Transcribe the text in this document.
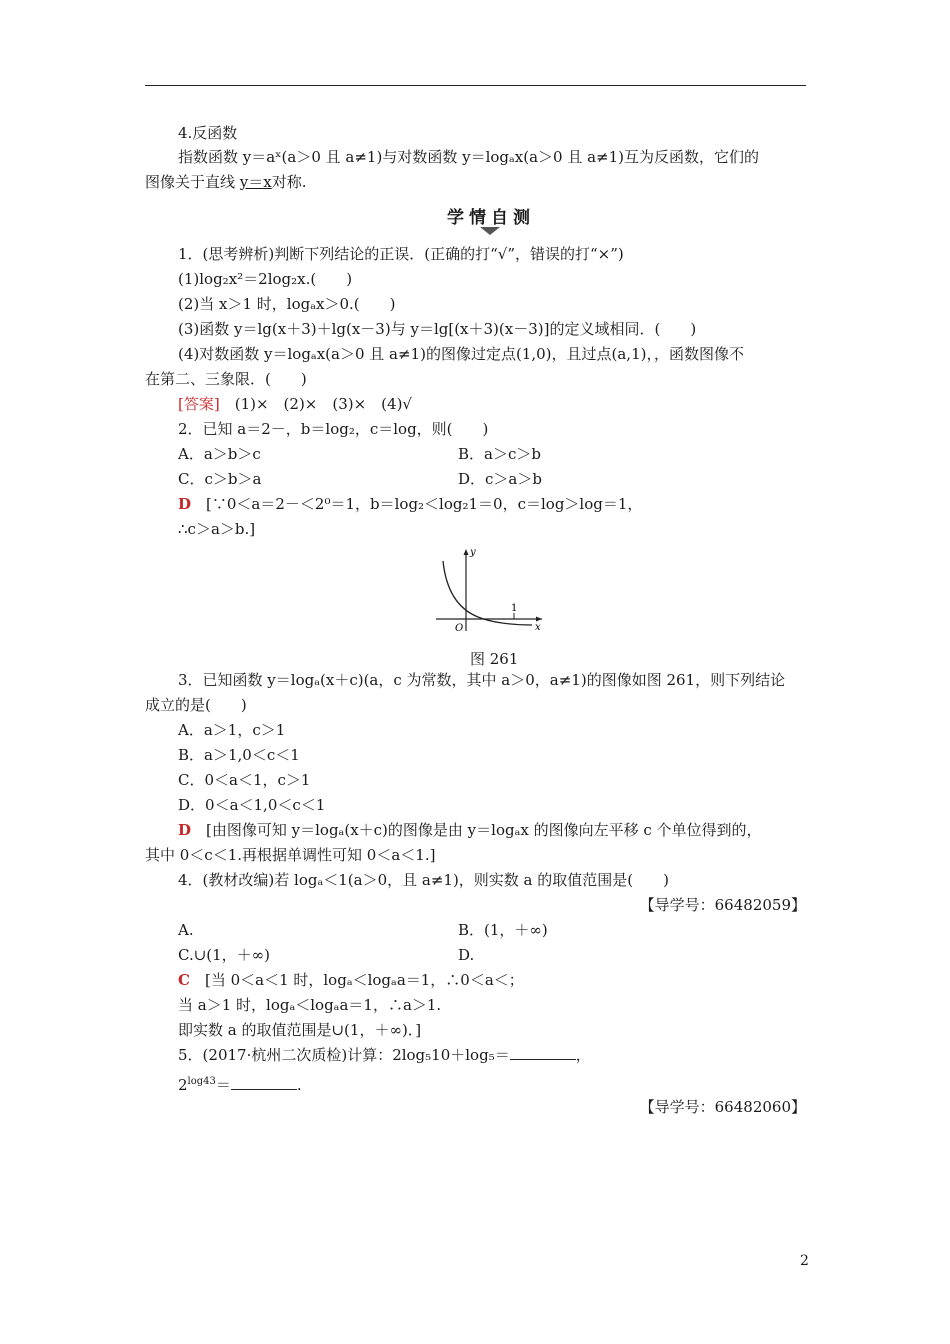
4.反函数
指数函数 y＝aˣ(a＞0 且 a≠1)与对数函数 y＝logₐx(a＞0 且 a≠1)互为反函数，它们的
图像关于直线 y＝x对称.
学情自测
1．(思考辨析)判断下列结论的正误．(正确的打“√”，错误的打“×”)
(1)log₂x²＝2log₂x.(　　)
(2)当 x＞1 时，logₐx＞0.(　　)
(3)函数 y＝lg(x＋3)＋lg(x－3)与 y＝lg[(x＋3)(x－3)]的定义域相同．(　　)
(4)对数函数 y＝logₐx(a＞0 且 a≠1)的图像过定点(1,0)，且过点(a,1)，，函数图像不
在第二、三象限．(　　)
[答案]　 (1)×　(2)×　(3)×　(4)√
2．已知 a＝2－，b＝log₂，c＝log，则(　　)
A．a＞b＞c	B．a＞c＞b
C．c＞b＞a	D．c＞a＞b
D　 [∵0＜a＝2－＜2⁰＝1，b＝log₂＜log₂1＝0，c＝log＞log＝1，
∴c＞a＞b.]
y
x
O
1
图 261
3．已知函数 y＝logₐ(x＋c)(a，c 为常数，其中 a＞0，a≠1)的图像如图 261，则下列结论
成立的是(　　)
A．a＞1，c＞1
B．a＞1,0＜c＜1
C．0＜a＜1，c＞1
D．0＜a＜1,0＜c＜1
D　 [由图像可知 y＝logₐ(x＋c)的图像是由 y＝logₐx 的图像向左平移 c 个单位得到的，
其中 0＜c＜1.再根据单调性可知 0＜a＜1.]
4．(教材改编)若 logₐ＜1(a＞0，且 a≠1)，则实数 a 的取值范围是(　　)
【导学号：66482059】
A.	B．(1，＋∞)
C.∪(1，＋∞)	D.
C　 [当 0＜a＜1 时，logₐ＜logₐa＝1，∴0＜a＜；
当 a＞1 时，logₐ＜logₐa＝1，∴a＞1.
即实数 a 的取值范围是∪(1，＋∞)．]
5．(2017·杭州二次质检)计算：2log₅10＋log₅＝	，
$2^{log43}=$	.
【导学号：66482060】
2
